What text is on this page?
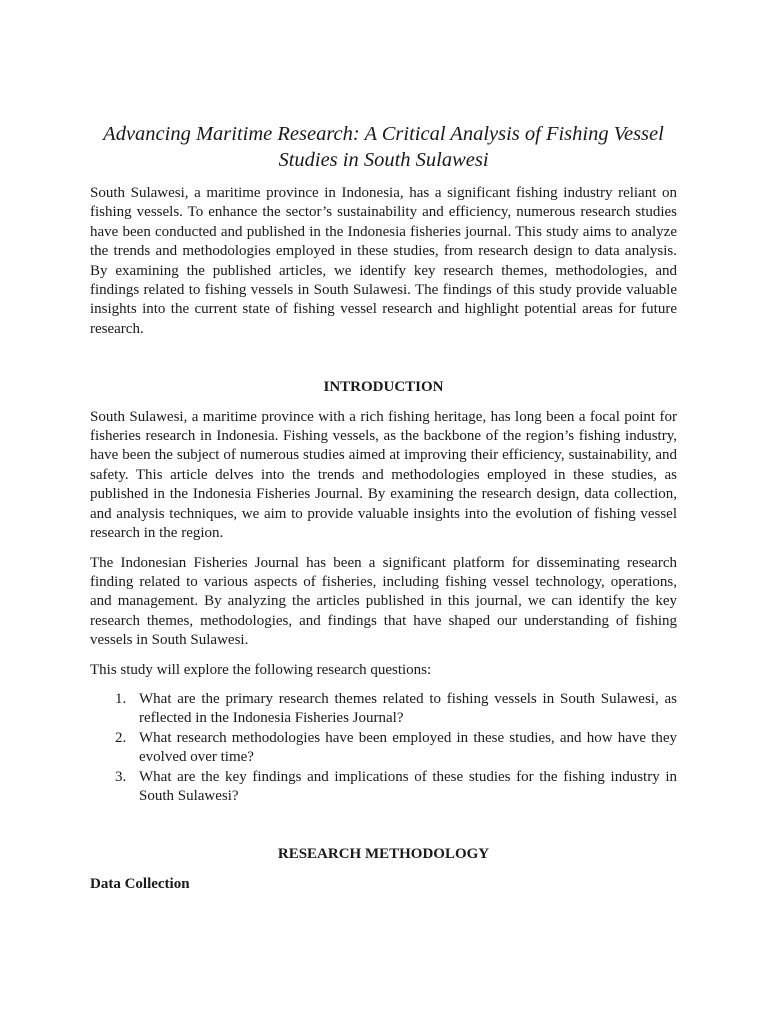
Advancing Maritime Research: A Critical Analysis of Fishing Vessel Studies in South Sulawesi

South Sulawesi, a maritime province in Indonesia, has a significant fishing industry reliant on fishing vessels. To enhance the sector’s sustainability and efficiency, numerous research studies have been conducted and published in the Indonesia fisheries journal. This study aims to analyze the trends and methodologies employed in these studies, from research design to data analysis. By examining the published articles, we identify key research themes, methodologies, and findings related to fishing vessels in South Sulawesi. The findings of this study provide valuable insights into the current state of fishing vessel research and highlight potential areas for future research.

INTRODUCTION

South Sulawesi, a maritime province with a rich fishing heritage, has long been a focal point for fisheries research in Indonesia. Fishing vessels, as the backbone of the region’s fishing industry, have been the subject of numerous studies aimed at improving their efficiency, sustainability, and safety. This article delves into the trends and methodologies employed in these studies, as published in the Indonesia Fisheries Journal. By examining the research design, data collection, and analysis techniques, we aim to provide valuable insights into the evolution of fishing vessel research in the region.

The Indonesian Fisheries Journal has been a significant platform for disseminating research finding related to various aspects of fisheries, including fishing vessel technology, operations, and management. By analyzing the articles published in this journal, we can identify the key research themes, methodologies, and findings that have shaped our understanding of fishing vessels in South Sulawesi.

This study will explore the following research questions:

1. What are the primary research themes related to fishing vessels in South Sulawesi, as reflected in the Indonesia Fisheries Journal?
2. What research methodologies have been employed in these studies, and how have they evolved over time?
3. What are the key findings and implications of these studies for the fishing industry in South Sulawesi?
RESEARCH METHODOLOGY
Data Collection
